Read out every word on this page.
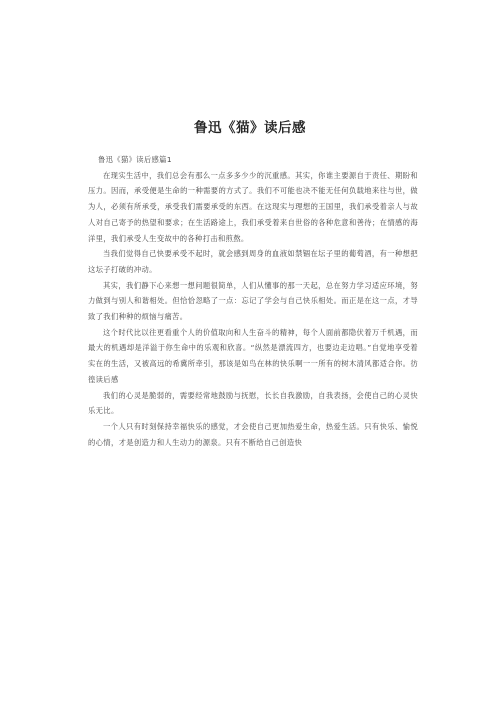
鲁迅《猫》读后感

鲁迅《猫》读后感篇1

在现实生活中，我们总会有那么一点多多少少的沉重感。其实，你谁主要源自于责任、期盼和压力。因而，承受便是生命的一种需要的方式了。我们不可能也决不能无任何负载地来往与世，做为人，必须有所承受，承受我们需要承受的东西。在这现实与理想的王国里，我们承受着亲人与故人对自己寄予的热望和要求；在生活路途上，我们承受着来自世俗的各种危意和善待；在情感的海洋里，我们承受人生变故中的各种打击和煎熬。

当我们觉得自己快要承受不起时，就会感到周身的血液如禁锢在坛子里的葡萄酒，有一种想把这坛子打破的冲动。

其实，我们静下心来想一想问题很简单，人们从懂事的那一天起，总在努力学习适应环境，努力做到与别人和谐相处。但恰恰忽略了一点：忘记了学会与自己快乐相处。而正是在这一点，才导致了我们种种的烦恼与痛苦。

这个时代比以往更看重个人的价值取向和人生奋斗的精神，每个人面前都隐伏着万千机遇，而最大的机遇却是洋溢于你生命中的乐观和欣喜。“纵然是漂流四方，也要边走边唱。”自觉地享受着实在的生活，又被高远的希冀所牵引，那该是如鸟在林的快乐啊一一所有的树木清风都适合你。彷徨读后感

我们的心灵是脆弱的，需要经常地鼓励与抚慰，长长自我激励，自我表扬，会使自己的心灵快乐无比。

一个人只有时刻保持幸福快乐的感觉，才会使自己更加热爱生命，热爱生活。只有快乐、愉悦的心情，才是创造力和人生动力的源泉。只有不断给自己创造快
